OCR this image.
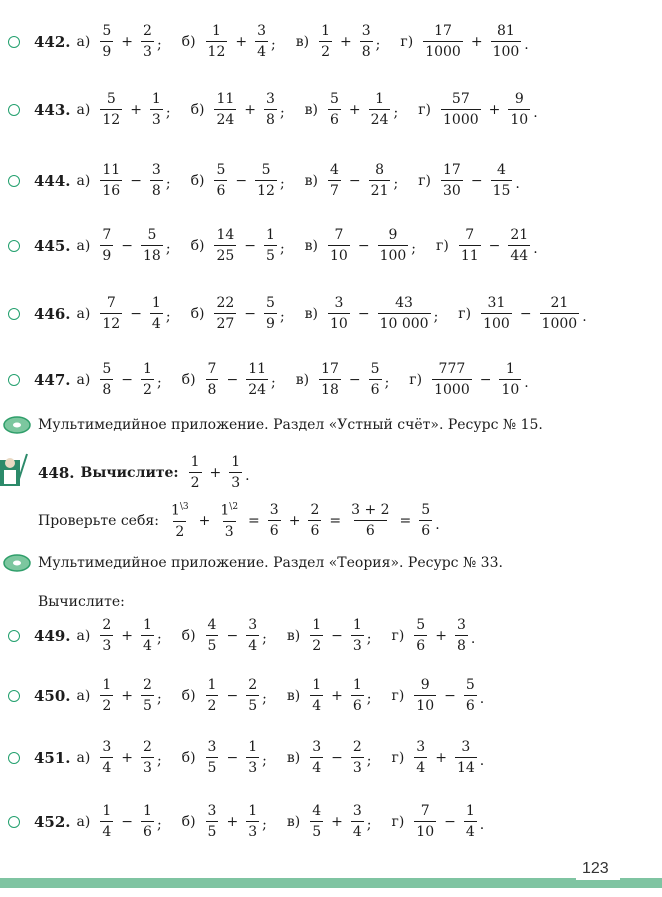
442. $а) \frac{5}{9} + \frac{2}{3}$ ; $б) \frac{1}{12} + \frac{3}{4}$ ; $в) \frac{1}{2} + \frac{3}{8}$ ; $г) \frac{17}{1000} + \frac{81}{100}$ .
443. $а) \frac{5}{12} + \frac{1}{3}$ ; $б) \frac{11}{24} + \frac{3}{8}$ ; $в) \frac{5}{6} + \frac{1}{24}$ ; $г) \frac{57}{1000} + \frac{9}{10}$ .
444. $а) \frac{11}{16} - \frac{3}{8}$ ; $б) \frac{5}{6} - \frac{5}{12}$ ; $в) \frac{4}{7} - \frac{8}{21}$ ; $г) \frac{17}{30} - \frac{4}{15}$ .
445. $а) \frac{7}{9} - \frac{5}{18}$ ; $б) \frac{14}{25} - \frac{1}{5}$ ; $в) \frac{7}{10} - \frac{9}{100}$ ; $г) \frac{7}{11} - \frac{21}{44}$ .
446. $а) \frac{7}{12} - \frac{1}{4}$ ; $б) \frac{22}{27} - \frac{5}{9}$ ; $в) \frac{3}{10} - \frac{43}{10 000}$ ; $г) \frac{31}{100} - \frac{21}{1000}$ .
447. $а) \frac{5}{8} - \frac{1}{2}$ ; $б) \frac{7}{8} - \frac{11}{24}$ ; $в) \frac{17}{18} - \frac{5}{6}$ ; $г) \frac{777}{1000} - \frac{1}{10}$ .
Мультимедийное приложение. Раздел «Устный счёт». Ресурс № 15.
448. Вычислите: $\frac{1}{2} + \frac{1}{3}$ .
Проверьте себя: $\frac{1^{\backslash 3}}{2} + \frac{1^{\backslash 2}}{3} = \frac{3}{6} + \frac{2}{6} = \frac{3 + 2}{6} = \frac{5}{6}$ .
Мультимедийное приложение. Раздел «Теория». Ресурс № 33.
Вычислите:
449. $а) \frac{2}{3} + \frac{1}{4}$ ; $б) \frac{4}{5} - \frac{3}{4}$ ; $в) \frac{1}{2} - \frac{1}{3}$ ; $г) \frac{5}{6} + \frac{3}{8}$ .
450. $а) \frac{1}{2} + \frac{2}{5}$ ; $б) \frac{1}{2} - \frac{2}{5}$ ; $в) \frac{1}{4} + \frac{1}{6}$ ; $г) \frac{9}{10} - \frac{5}{6}$ .
451. $а) \frac{3}{4} + \frac{2}{3}$ ; $б) \frac{3}{5} - \frac{1}{3}$ ; $в) \frac{3}{4} - \frac{2}{3}$ ; $г) \frac{3}{4} + \frac{3}{14}$ .
452. $а) \frac{1}{4} - \frac{1}{6}$ ; $б) \frac{3}{5} + \frac{1}{3}$ ; $в) \frac{4}{5} + \frac{3}{4}$ ; $г) \frac{7}{10} - \frac{1}{4}$ .
123
